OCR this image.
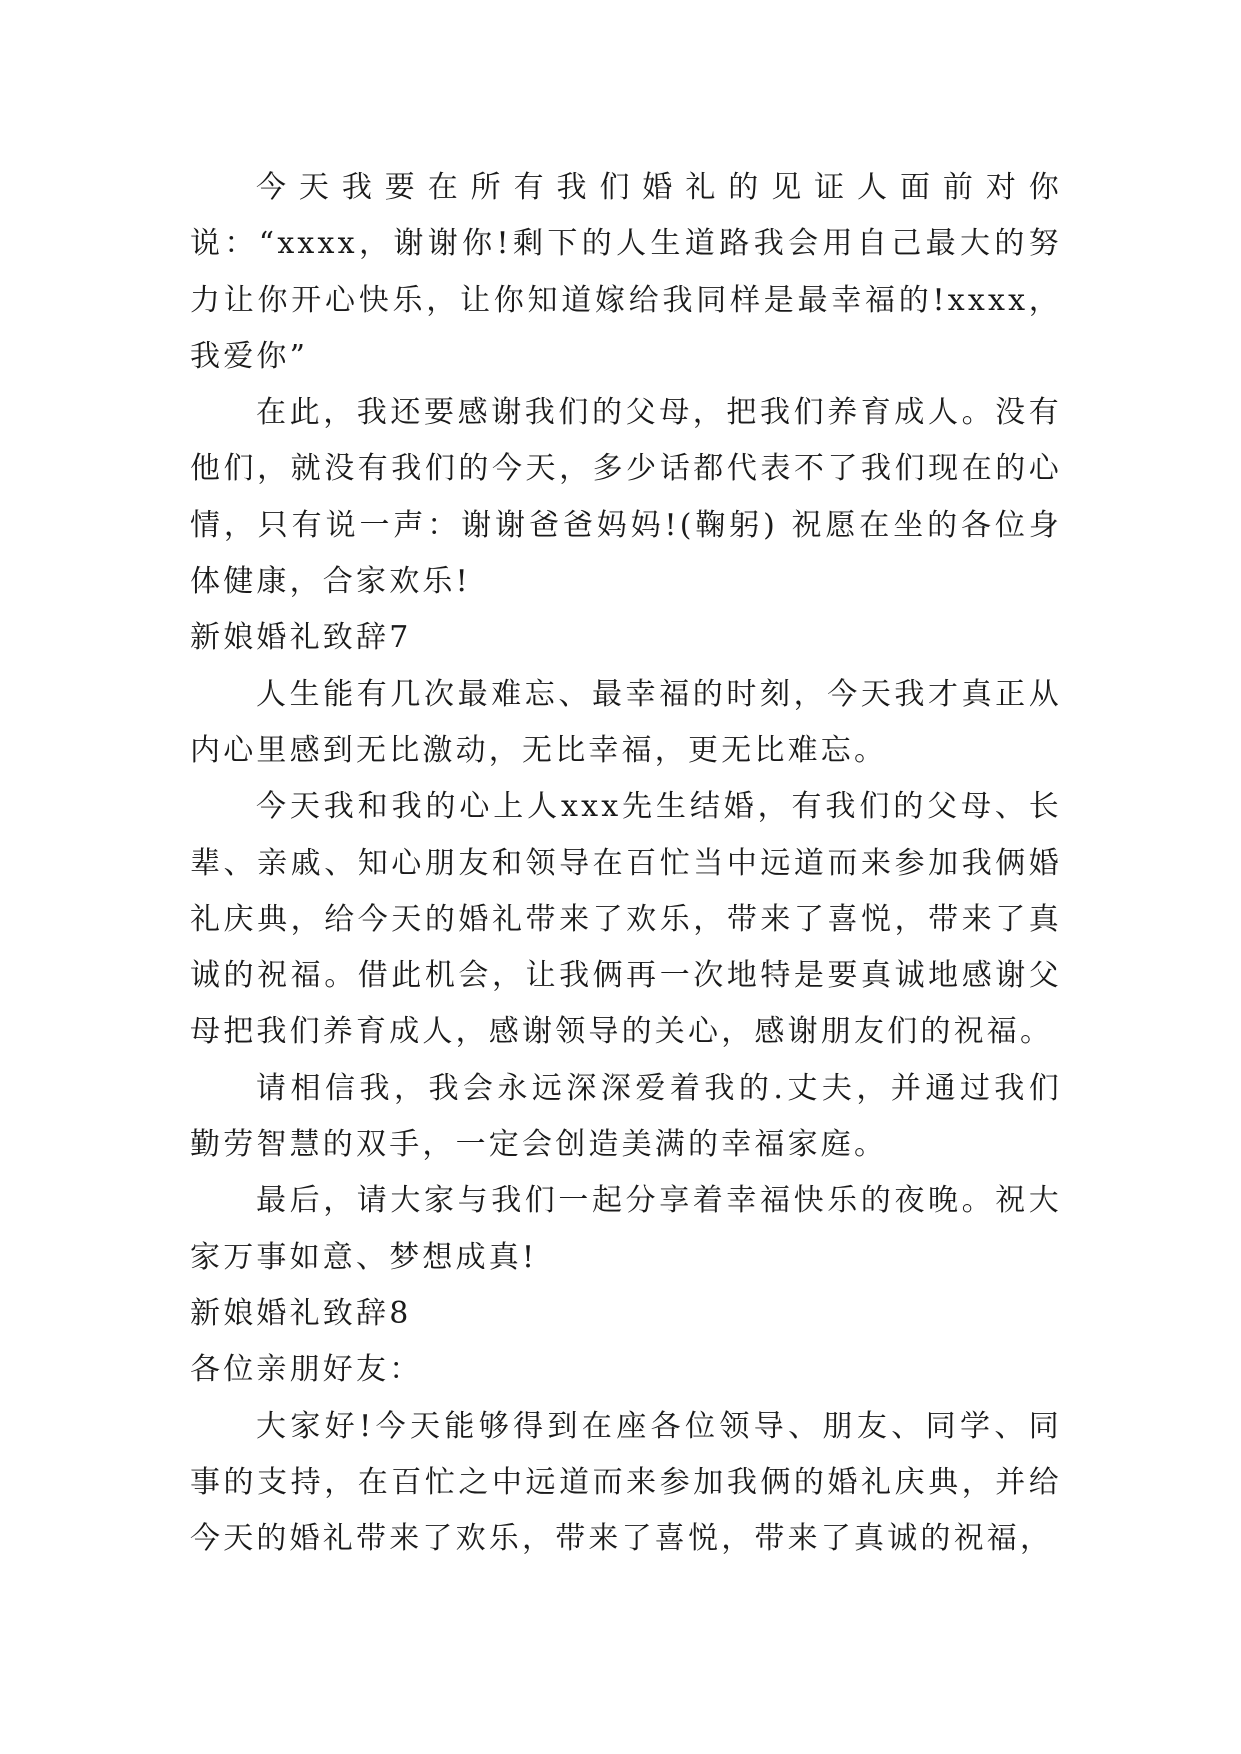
今天我要在所有我们婚礼的见证人面前对你说：“xxxx，谢谢你!剩下的人生道路我会用自己最大的努力让你开心快乐，让你知道嫁给我同样是最幸福的!xxxx，我爱你”

在此，我还要感谢我们的父母，把我们养育成人。没有他们，就没有我们的今天，多少话都代表不了我们现在的心情，只有说一声：谢谢爸爸妈妈!(鞠躬) 祝愿在坐的各位身体健康，合家欢乐!

新娘婚礼致辞7

人生能有几次最难忘、最幸福的时刻，今天我才真正从内心里感到无比激动，无比幸福，更无比难忘。

今天我和我的心上人xxx先生结婚，有我们的父母、长辈、亲戚、知心朋友和领导在百忙当中远道而来参加我俩婚礼庆典，给今天的婚礼带来了欢乐，带来了喜悦，带来了真诚的祝福。借此机会，让我俩再一次地特是要真诚地感谢父母把我们养育成人，感谢领导的关心，感谢朋友们的祝福。

请相信我，我会永远深深爱着我的.丈夫，并通过我们勤劳智慧的双手，一定会创造美满的幸福家庭。

最后，请大家与我们一起分享着幸福快乐的夜晚。祝大家万事如意、梦想成真!

新娘婚礼致辞8

各位亲朋好友：

大家好!今天能够得到在座各位领导、朋友、同学、同事的支持，在百忙之中远道而来参加我俩的婚礼庆典，并给今天的婚礼带来了欢乐，带来了喜悦，带来了真诚的祝福，
